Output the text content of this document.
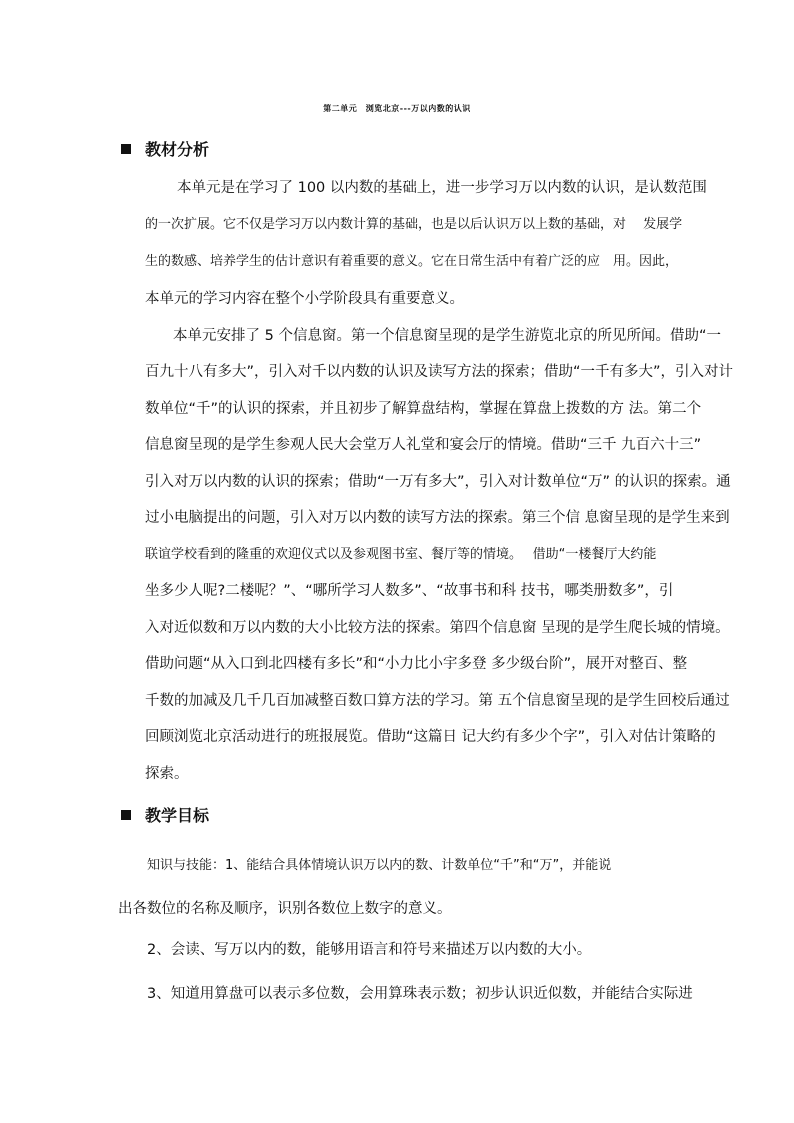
第二单元　浏览北京---万以内数的认识
教材分析
本单元是在学习了 100 以内数的基础上，进一步学习万以内数的认识，是认数范围
的一次扩展。它不仅是学习万以内数计算的基础，也是以后认识万以上数的基础，对　 发展学
生的数感、培养学生的估计意识有着重要的意义。它在日常生活中有着广泛的应　用。因此，
本单元的学习内容在整个小学阶段具有重要意义。
本单元安排了 5 个信息窗。第一个信息窗呈现的是学生游览北京的所见所闻。借助“一
百九十八有多大”，引入对千以内数的认识及读写方法的探索；借助“一千有多大”，引入对计
数单位“千”的认识的探索，并且初步了解算盘结构，掌握在算盘上拨数的方 法。第二个
信息窗呈现的是学生参观人民大会堂万人礼堂和宴会厅的情境。借助“三千 九百六十三”
引入对万以内数的认识的探索；借助“一万有多大”，引入对计数单位“万” 的认识的探索。通
过小电脑提出的问题，引入对万以内数的读写方法的探索。第三个信 息窗呈现的是学生来到
联谊学校看到的隆重的欢迎仪式以及参观图书室、餐厅等的情境。　 借助“一楼餐厅大约能
坐多少人呢?二楼呢？”、“哪所学习人数多”、“故事书和科 技书，哪类册数多”，引
入对近似数和万以内数的大小比较方法的探索。第四个信息窗 呈现的是学生爬长城的情境。
借助问题“从入口到北四楼有多长”和“小力比小宇多登 多少级台阶”，展开对整百、整
千数的加减及几千几百加减整百数口算方法的学习。第 五个信息窗呈现的是学生回校后通过
回顾浏览北京活动进行的班报展览。借助“这篇日 记大约有多少个字”，引入对估计策略的
探索。
教学目标
知识与技能：1、能结合具体情境认识万以内的数、计数单位“千”和“万”，并能说
出各数位的名称及顺序，识别各数位上数字的意义。
2、会读、写万以内的数，能够用语言和符号来描述万以内数的大小。
3、知道用算盘可以表示多位数，会用算珠表示数；初步认识近似数，并能结合实际进
